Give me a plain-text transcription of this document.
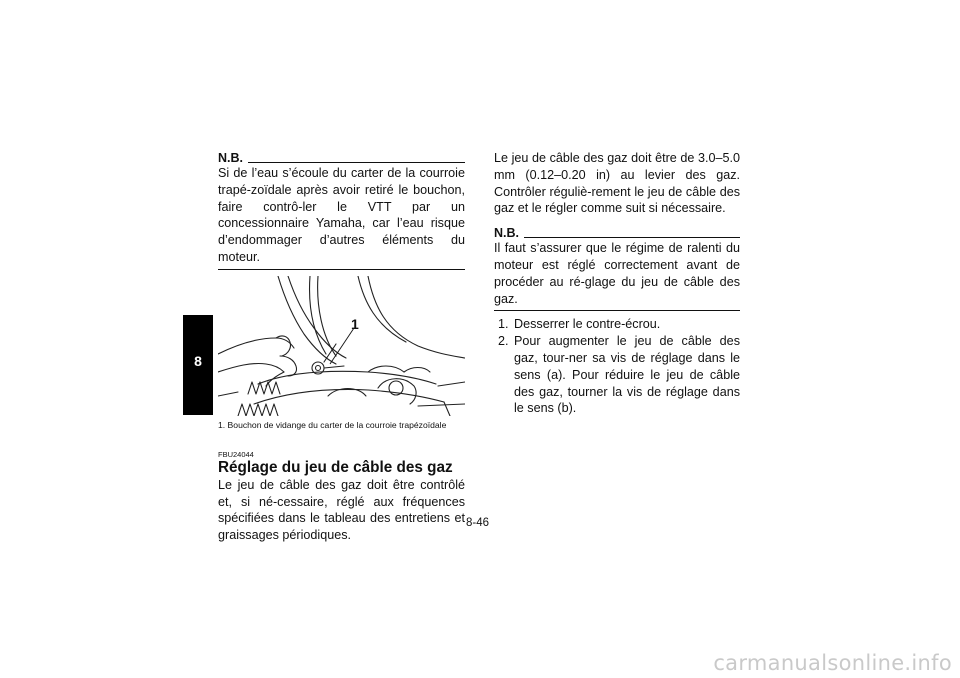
8
N.B.

Si de l’eau s’écoule du carter de la courroie trapé-zoïdale après avoir retiré le bouchon, faire contrô-ler le VTT par un concessionnaire Yamaha, car l’eau risque d’endommager d’autres éléments du moteur.

1
1. Bouchon de vidange du carter de la courroie trapézoïdale
FBU24044
Réglage du jeu de câble des gaz

Le jeu de câble des gaz doit être contrôlé et, si né-cessaire, réglé aux fréquences spécifiées dans le tableau des entretiens et graissages périodiques.

Le jeu de câble des gaz doit être de 3.0–5.0 mm (0.12–0.20 in) au levier des gaz. Contrôler réguliè-rement le jeu de câble des gaz et le régler comme suit si nécessaire.

N.B.

Il faut s’assurer que le régime de ralenti du moteur est réglé correctement avant de procéder au ré-glage du jeu de câble des gaz.

1. Desserrer le contre-écrou.
2. Pour augmenter le jeu de câble des gaz, tour-ner sa vis de réglage dans le sens (a). Pour réduire le jeu de câble des gaz, tourner la vis de réglage dans le sens (b).
8-46
carmanualsonline.info
